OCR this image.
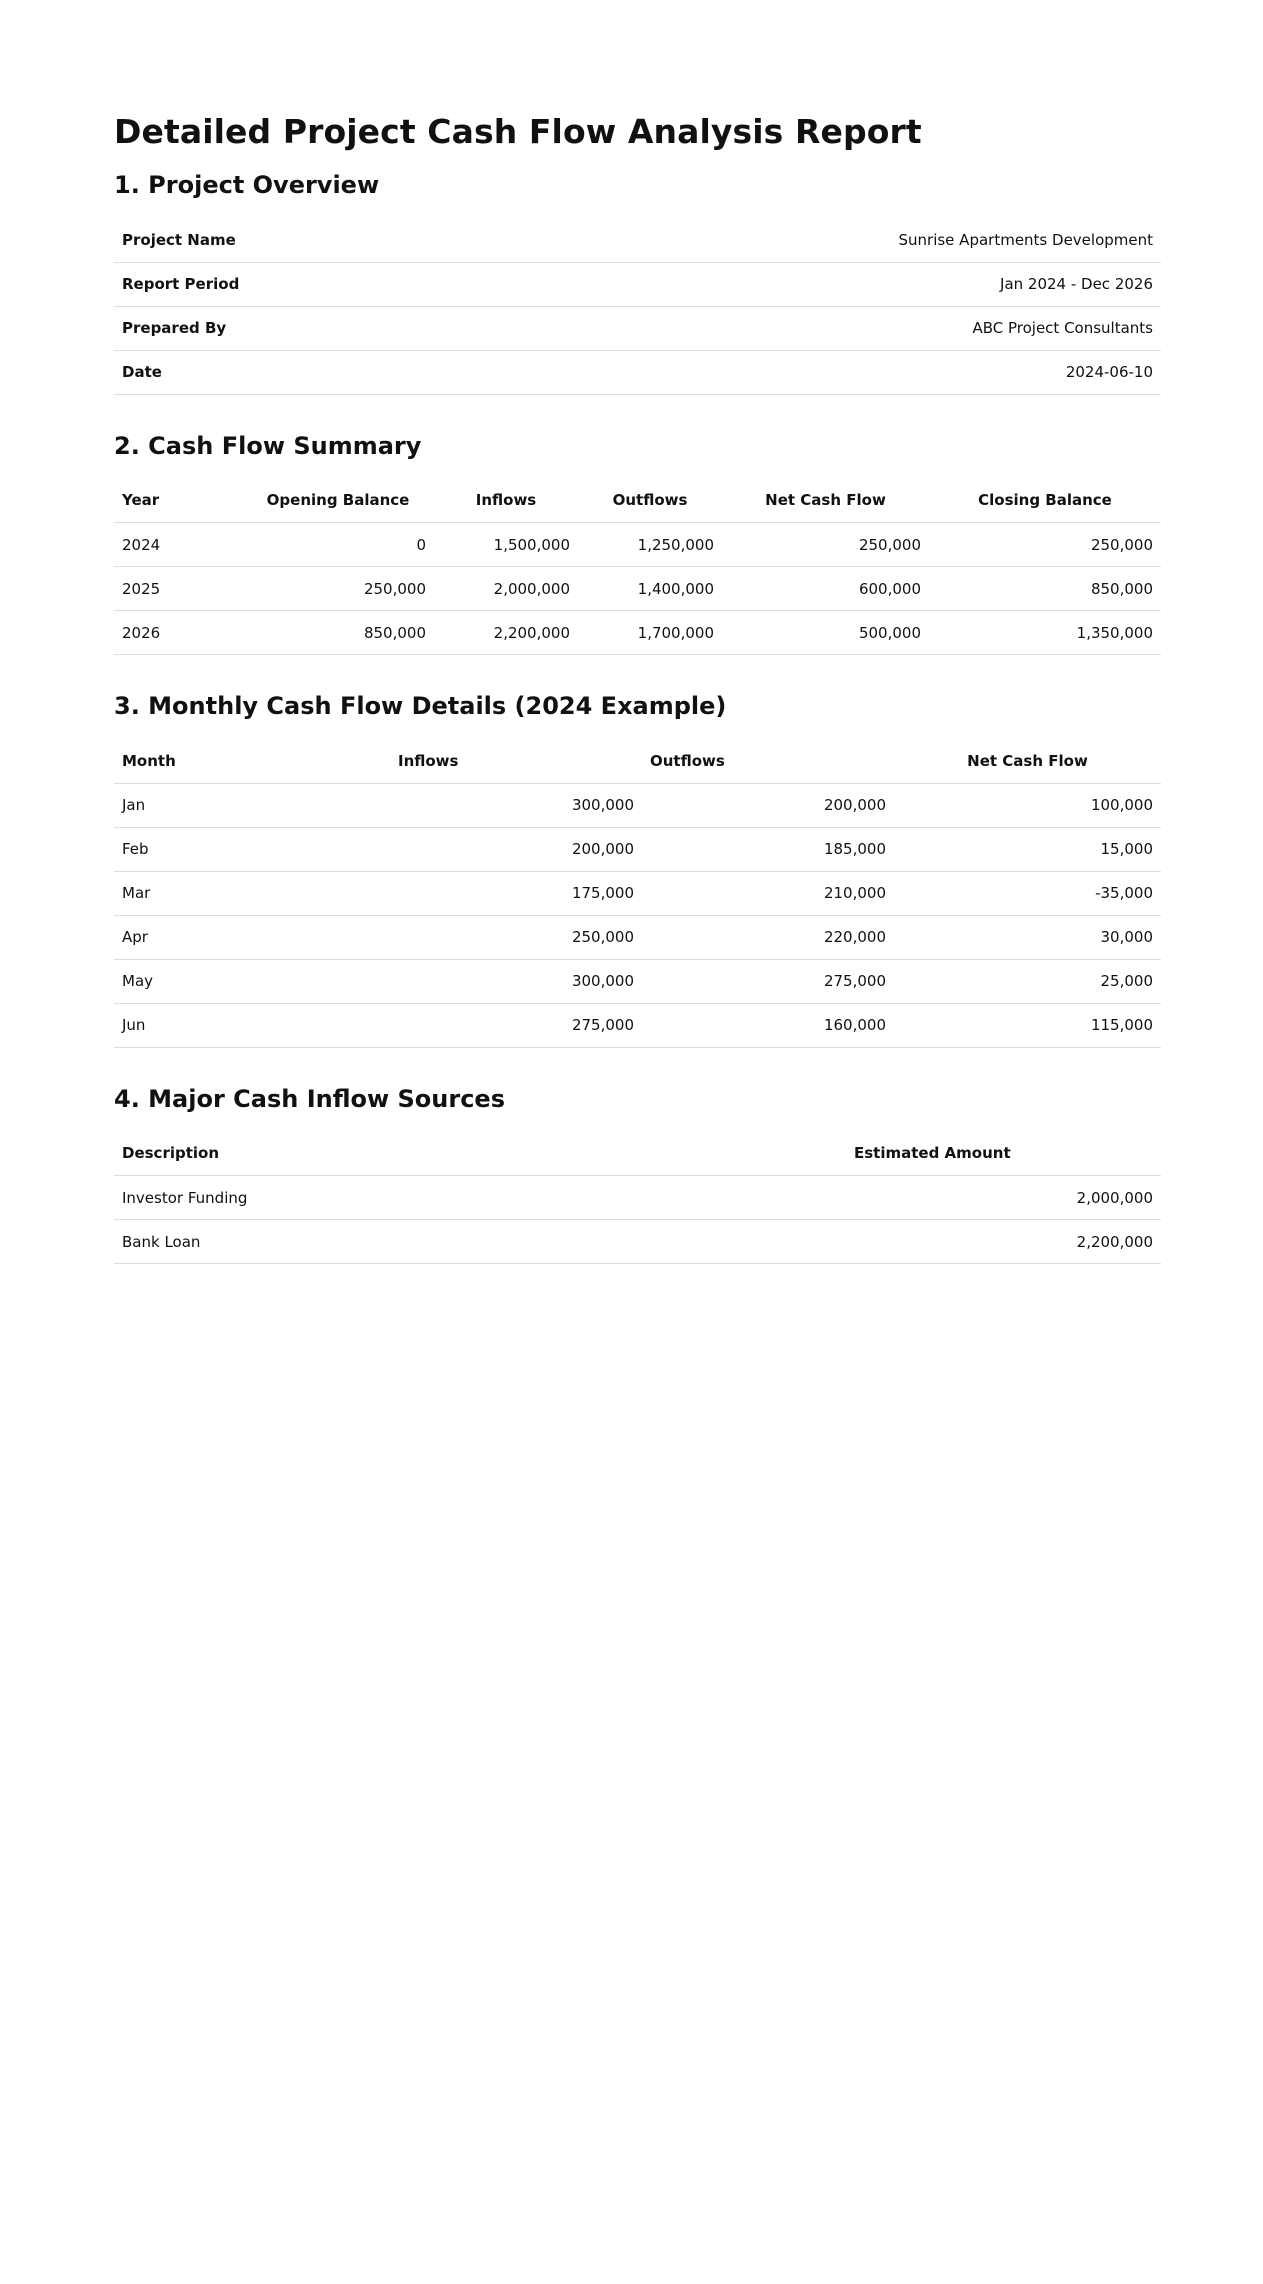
Detailed Project Cash Flow Analysis Report
1. Project Overview
Project Name	Sunrise Apartments Development
Report Period	Jan 2024 - Dec 2026
Prepared By	ABC Project Consultants
Date	2024-06-10
2. Cash Flow Summary
Year	Opening Balance	Inflows	Outflows	Net Cash Flow	Closing Balance
2024	0	1,500,000	1,250,000	250,000	250,000
2025	250,000	2,000,000	1,400,000	600,000	850,000
2026	850,000	2,200,000	1,700,000	500,000	1,350,000
3. Monthly Cash Flow Details (2024 Example)
Month	Inflows	Outflows	Net Cash Flow
Jan	300,000	200,000	100,000
Feb	200,000	185,000	15,000
Mar	175,000	210,000	-35,000
Apr	250,000	220,000	30,000
May	300,000	275,000	25,000
Jun	275,000	160,000	115,000
4. Major Cash Inflow Sources
Description	Estimated Amount
Investor Funding	2,000,000
Bank Loan	2,200,000
